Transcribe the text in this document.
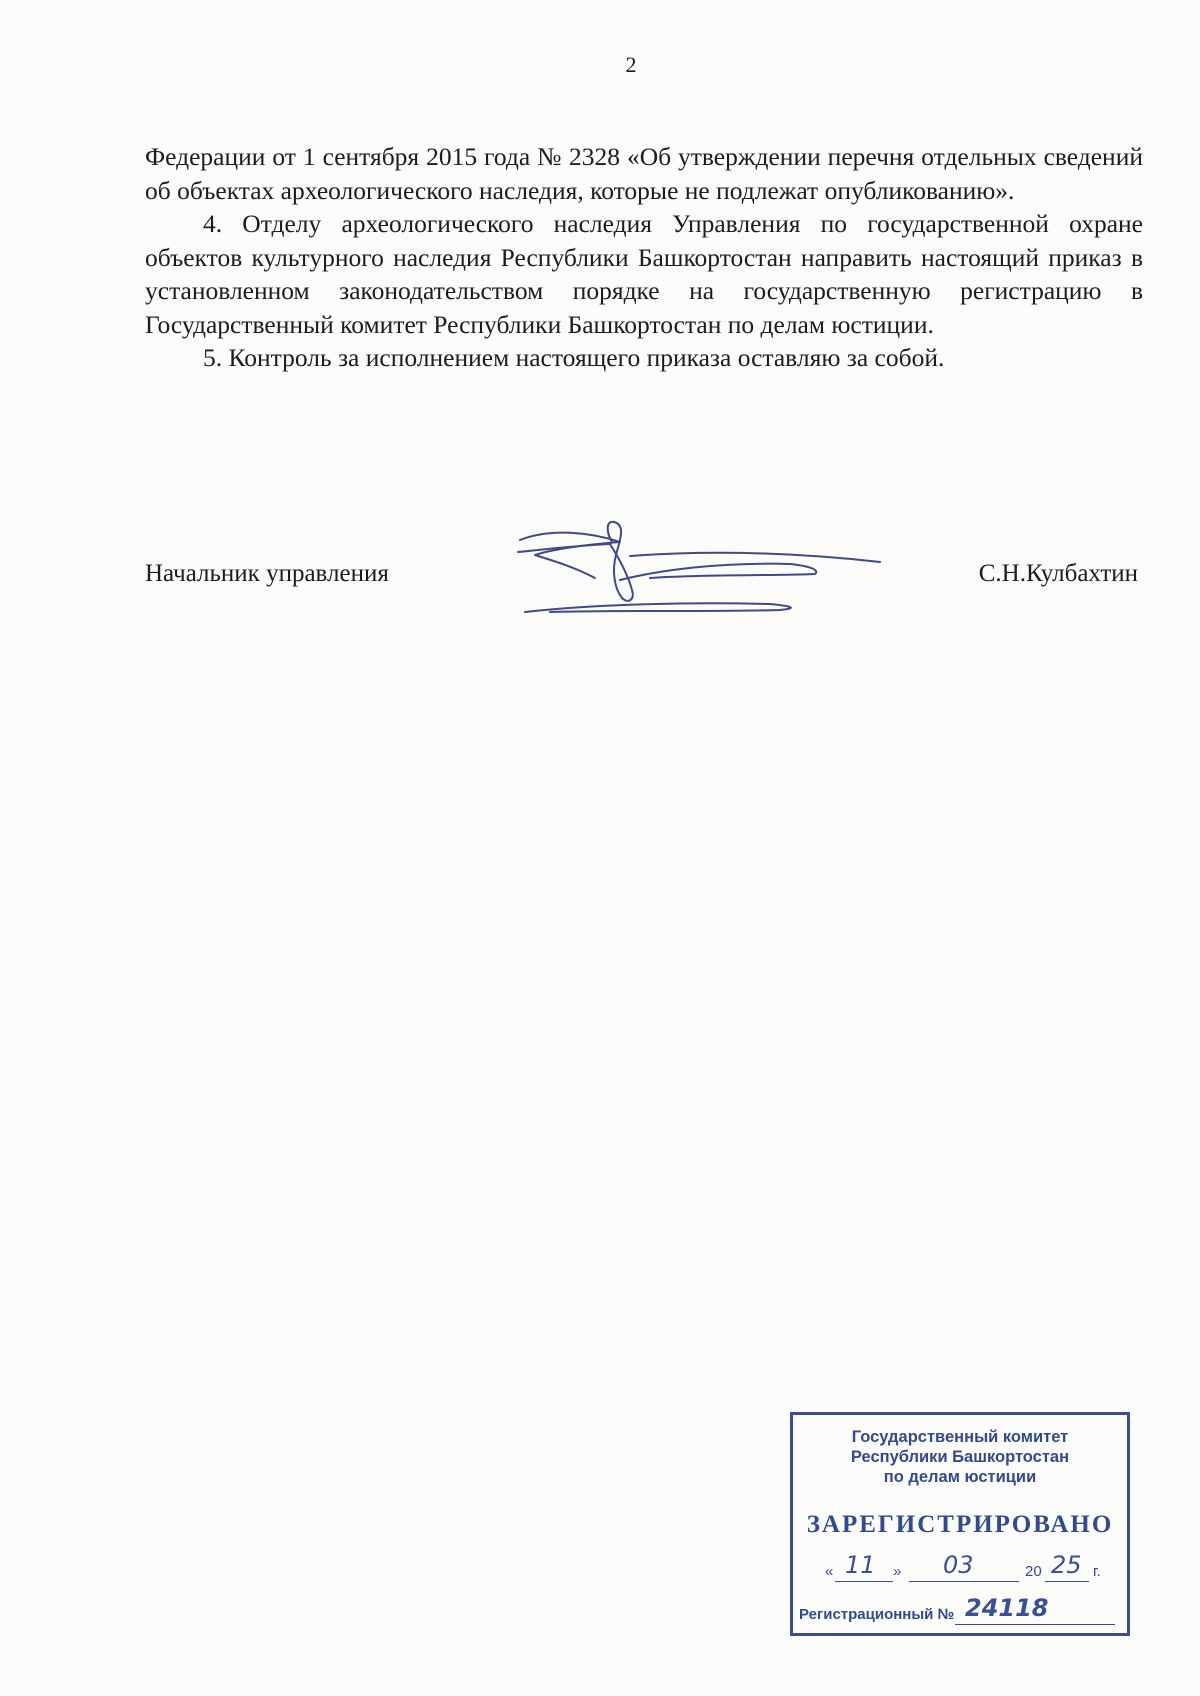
2

Федерации от 1 сентября 2015 года № 2328 «Об утверждении перечня отдельных сведений об объектах археологического наследия, которые не подлежат опубликованию».

4. Отделу археологического наследия Управления по государственной охране объектов культурного наследия Республики Башкортостан направить настоящий приказ в установленном законодательством порядке на государственную регистрацию в Государственный комитет Республики Башкортостан по делам юстиции.

5. Контроль за исполнением настоящего приказа оставляю за собой.

Начальник управления	С.Н.Кулбахтин
Государственный комитет
Республики Башкортостан
по делам юстиции
ЗАРЕГИСТРИРОВАНО
« 11 » 03	20 25 г.
Регистрационный № 24118
